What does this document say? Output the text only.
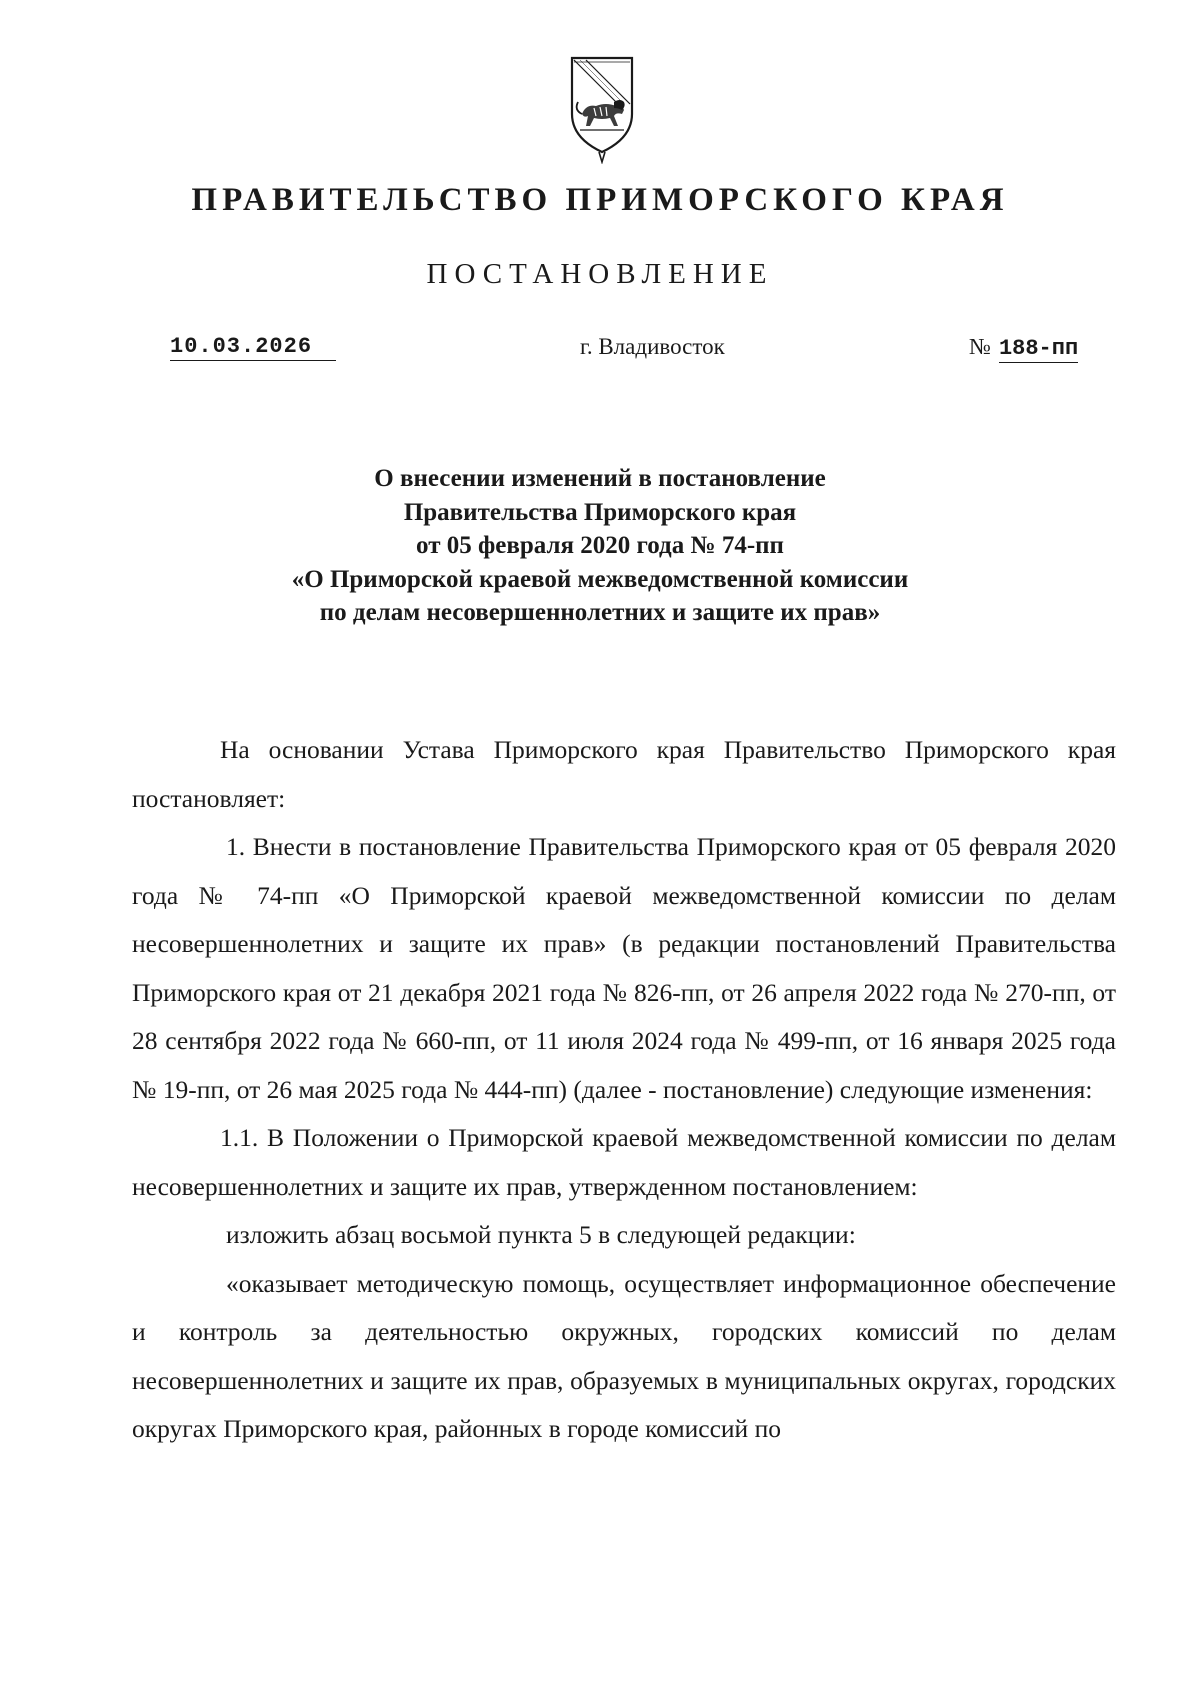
ПРАВИТЕЛЬСТВО ПРИМОРСКОГО КРАЯ
ПОСТАНОВЛЕНИЕ
10.03.2026	г. Владивосток	№ 188-пп
О внесении изменений в постановление
Правительства Приморского края
от 05 февраля 2020 года № 74-пп
«О Приморской краевой межведомственной комиссии
по делам несовершеннолетних и защите их прав»

На основании Устава Приморского края Правительство Приморского края постановляет:

1. Внести в постановление Правительства Приморского края от 05 февраля 2020 года № 74-пп «О Приморской краевой межведомственной комиссии по делам несовершеннолетних и защите их прав» (в редакции постановлений Правительства Приморского края от 21 декабря 2021 года № 826-пп, от 26 апреля 2022 года № 270-пп, от 28 сентября 2022 года № 660-пп, от 11 июля 2024 года № 499-пп, от 16 января 2025 года № 19-пп, от 26 мая 2025 года № 444-пп) (далее - постановление) следующие изменения:

1.1. В Положении о Приморской краевой межведомственной комиссии по делам несовершеннолетних и защите их прав, утвержденном постановлением:

изложить абзац восьмой пункта 5 в следующей редакции:

«оказывает методическую помощь, осуществляет информационное обеспечение и контроль за деятельностью окружных, городских комиссий по делам несовершеннолетних и защите их прав, образуемых в муниципальных округах, городских округах Приморского края, районных в городе комиссий по
